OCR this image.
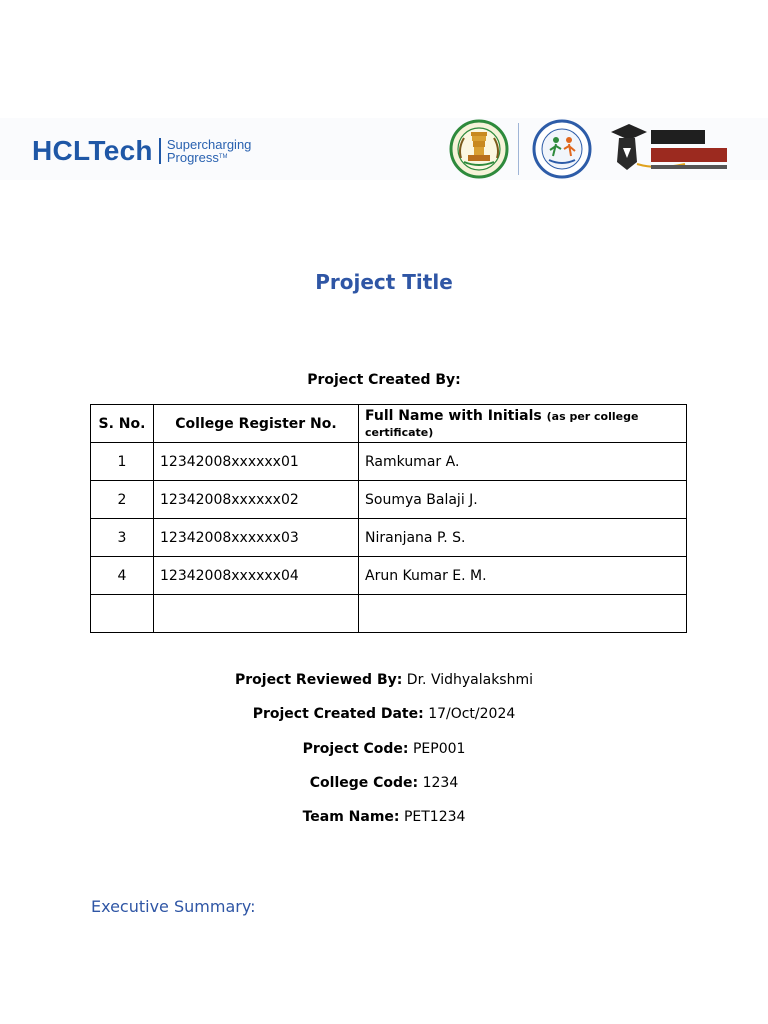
HCLTech Supercharging
Progress™
Project Title
Project Created By:
S. No.	College Register No.	Full Name with Initials (as per college certificate)
1	12342008xxxxxx01	Ramkumar A.
2	12342008xxxxxx02	Soumya Balaji J.
3	12342008xxxxxx03	Niranjana P. S.
4	12342008xxxxxx04	Arun Kumar E. M.

Project Reviewed By: Dr. Vidhyalakshmi
Project Created Date: 17/Oct/2024
Project Code: PEP001
College Code: 1234
Team Name: PET1234
Executive Summary:
